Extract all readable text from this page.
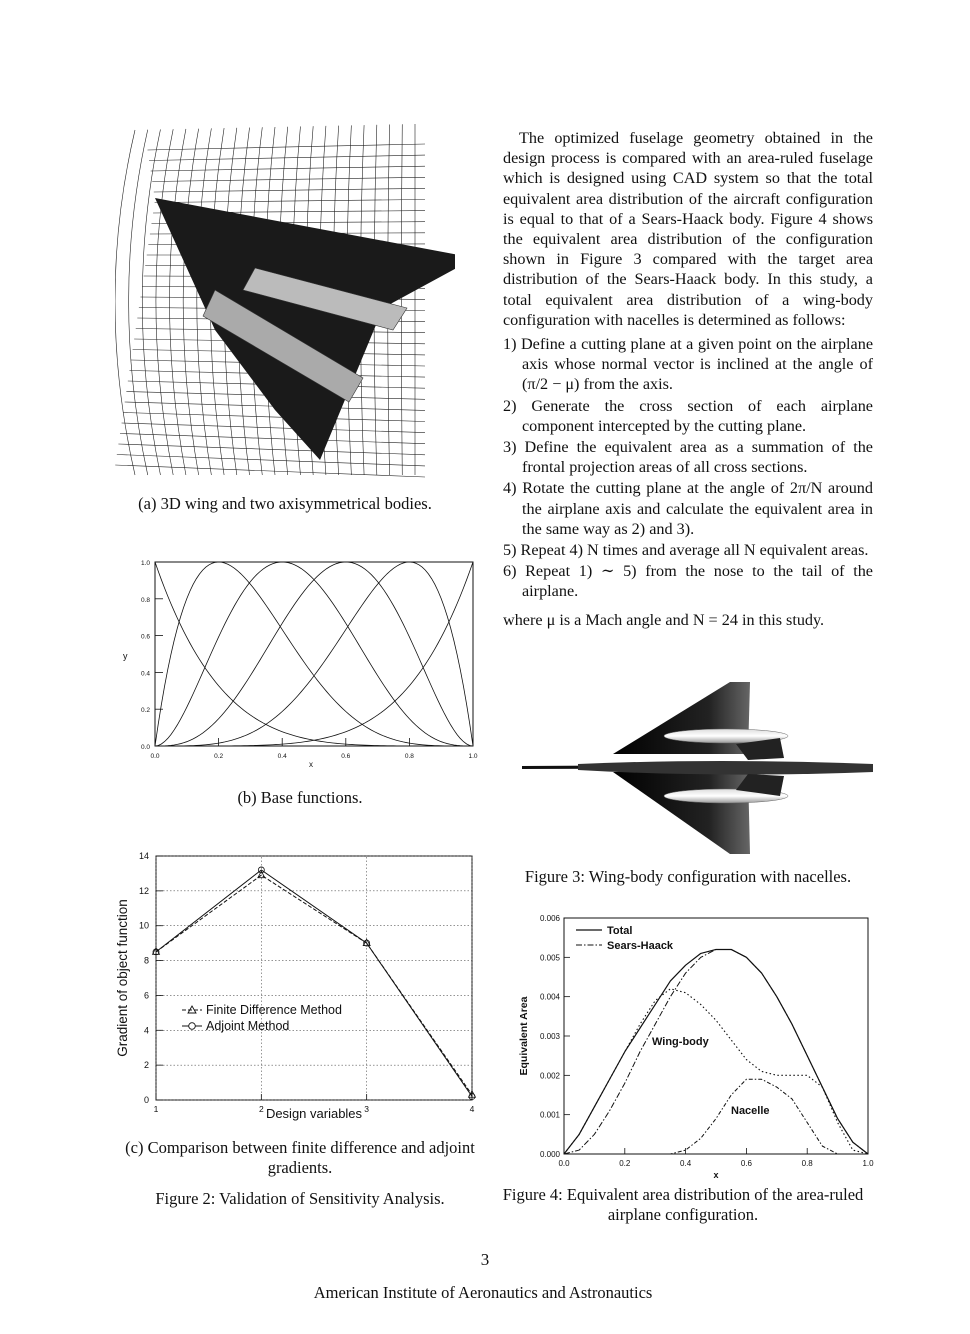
(a) 3D wing and two axisymmetrical bodies.
0.0
0.2
0.4
0.6
0.8
1.0
0.0	0.2	0.4	0.6	0.8	1.0
y
x
(b) Base functions.
0
2
4
6
8
10
12
14
1	2	3	4
Finite Difference Method
Adjoint Method
Gradient of object function
Design variables
(c) Comparison between finite difference and adjoint gradients.
Figure 2: Validation of Sensitivity Analysis.

The optimized fuselage geometry obtained in the design process is compared with an area-ruled fuselage which is designed using CAD system so that the total equivalent area distribution of the aircraft configuration is equal to that of a Sears-Haack body. Figure 4 shows the equivalent area distribution of the configuration shown in Figure 3 compared with the target area distribution of the Sears-Haack body. In this study, a total equivalent area distribution of a wing-body configuration with nacelles is determined as follows:

1) Define a cutting plane at a given point on the airplane axis whose normal vector is inclined at the angle of (π/2 − μ) from the axis.
2) Generate the cross section of each airplane component intercepted by the cutting plane.
3) Define the equivalent area as a summation of the frontal projection areas of all cross sections.
4) Rotate the cutting plane at the angle of 2π/N around the airplane axis and calculate the equivalent area in the same way as 2) and 3).
5) Repeat 4) N times and average all N equivalent areas.
6) Repeat 1) ∼ 5) from the nose to the tail of the airplane.

where μ is a Mach angle and N = 24 in this study.

Figure 3: Wing-body configuration with nacelles.
0.000
0.001
0.002
0.003
0.004
0.005
0.006
0.0	0.2	0.4	0.6	0.8	1.0
Total
Sears-Haack
Wing-body
Nacelle
Equivalent Area
x
Figure 4: Equivalent area distribution of the area-ruled airplane configuration.
3
American Institute of Aeronautics and Astronautics
